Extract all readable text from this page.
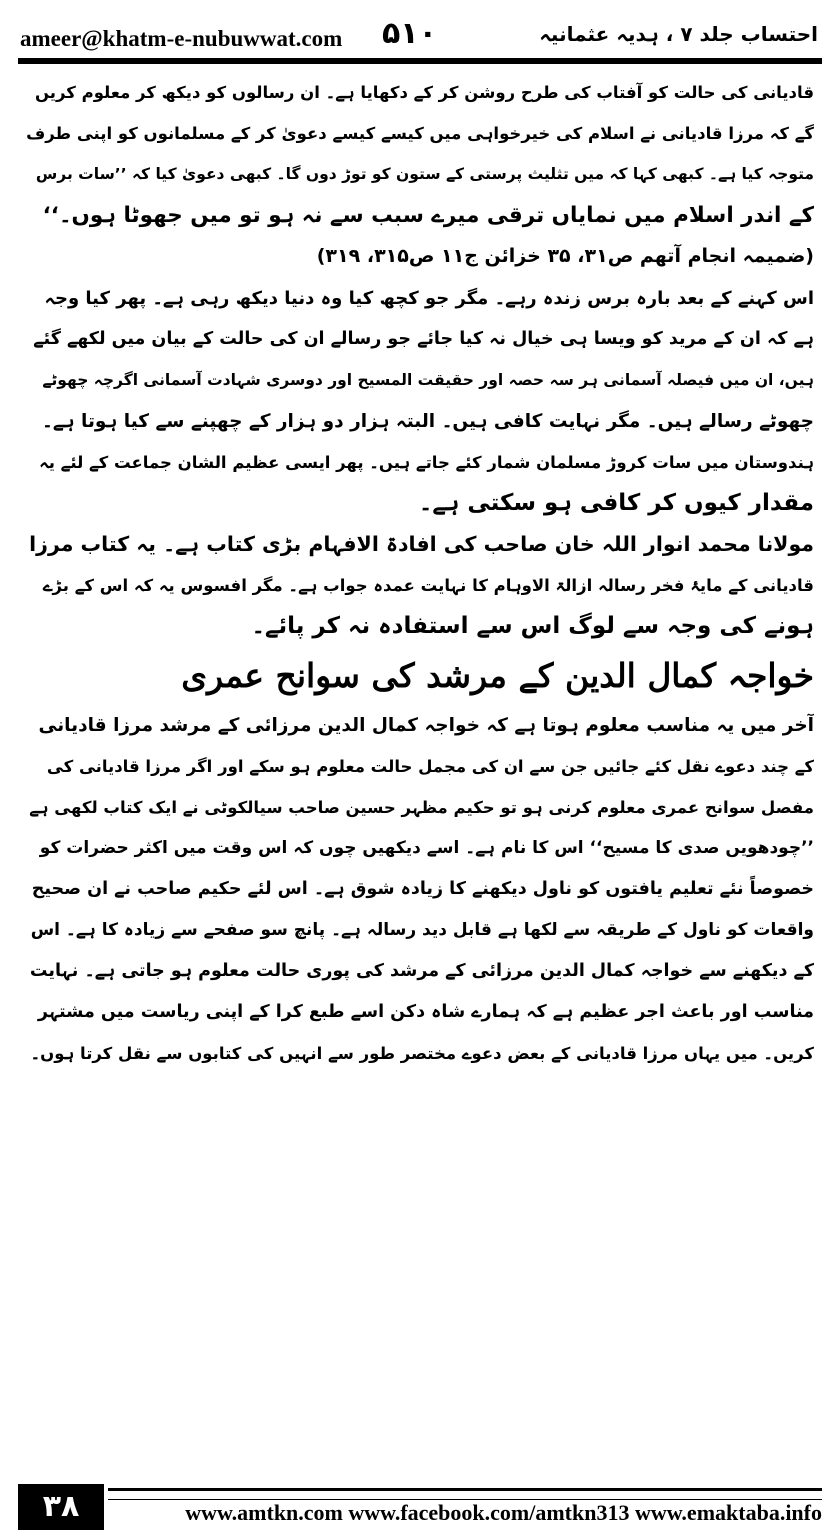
ameer@khatm-e-nubuwwat.com ۵۱۰	احتساب جلد ۷ ، ہدیہ عثمانیہ

قادیانی کی حالت کو آفتاب کی طرح روشن کر کے دکھایا ہے۔ ان رسالوں کو دیکھ کر معلوم کریں
گے کہ مرزا قادیانی نے اسلام کی خیرخواہی میں کیسے کیسے دعویٰ کر کے مسلمانوں کو اپنی طرف
متوجہ کیا ہے۔ کبھی کہا کہ میں تثلیث پرستی کے ستون کو توڑ دوں گا۔ کبھی دعویٰ کیا کہ ’’سات برس
کے اندر اسلام میں نمایاں ترقی میرے سبب سے نہ ہو تو میں جھوٹا ہوں۔‘‘

(ضمیمہ انجام آتھم ص۳۱، ۳۵ خزائن ج۱۱ ص۳۱۵، ۳۱۹)

اس کہنے کے بعد بارہ برس زندہ رہے۔ مگر جو کچھ کیا وہ دنیا دیکھ رہی ہے۔ پھر کیا وجہ
ہے کہ ان کے مرید کو ویسا ہی خیال نہ کیا جائے جو رسالے ان کی حالت کے بیان میں لکھے گئے
ہیں، ان میں فیصلہ آسمانی ہر سہ حصہ اور حقیقت المسیح اور دوسری شہادت آسمانی اگرچہ چھوٹے
چھوٹے رسالے ہیں۔ مگر نہایت کافی ہیں۔ البتہ ہزار دو ہزار کے چھپنے سے کیا ہوتا ہے۔
ہندوستان میں سات کروڑ مسلمان شمار کئے جاتے ہیں۔ پھر ایسی عظیم الشان جماعت کے لئے یہ
مقدار کیوں کر کافی ہو سکتی ہے۔

مولانا محمد انوار اللہ خان صاحب کی افادۃ الافہام بڑی کتاب ہے۔ یہ کتاب مرزا
قادیانی کے مایۂ فخر رسالہ ازالۃ الاوہام کا نہایت عمدہ جواب ہے۔ مگر افسوس یہ کہ اس کے بڑے
ہونے کی وجہ سے لوگ اس سے استفادہ نہ کر پائے۔

خواجہ کمال الدین کے مرشد کی سوانح عمری

آخر میں یہ مناسب معلوم ہوتا ہے کہ خواجہ کمال الدین مرزائی کے مرشد مرزا قادیانی
کے چند دعوے نقل کئے جائیں جن سے ان کی مجمل حالت معلوم ہو سکے اور اگر مرزا قادیانی کی
مفصل سوانح عمری معلوم کرنی ہو تو حکیم مظہر حسین صاحب سیالکوٹی نے ایک کتاب لکھی ہے
’’چودھویں صدی کا مسیح‘‘ اس کا نام ہے۔ اسے دیکھیں چوں کہ اس وقت میں اکثر حضرات کو
خصوصاً نئے تعلیم یافتوں کو ناول دیکھنے کا زیادہ شوق ہے۔ اس لئے حکیم صاحب نے ان صحیح
واقعات کو ناول کے طریقہ سے لکھا ہے قابل دید رسالہ ہے۔ پانچ سو صفحے سے زیادہ کا ہے۔ اس
کے دیکھنے سے خواجہ کمال الدین مرزائی کے مرشد کی پوری حالت معلوم ہو جاتی ہے۔ نہایت
مناسب اور باعث اجر عظیم ہے کہ ہمارے شاہ دکن اسے طبع کرا کے اپنی ریاست میں مشتہر
کریں۔ میں یہاں مرزا قادیانی کے بعض دعوے مختصر طور سے انہیں کی کتابوں سے نقل کرتا ہوں۔

۳۸	www.amtkn.com www.facebook.com/amtkn313 www.emaktaba.info
